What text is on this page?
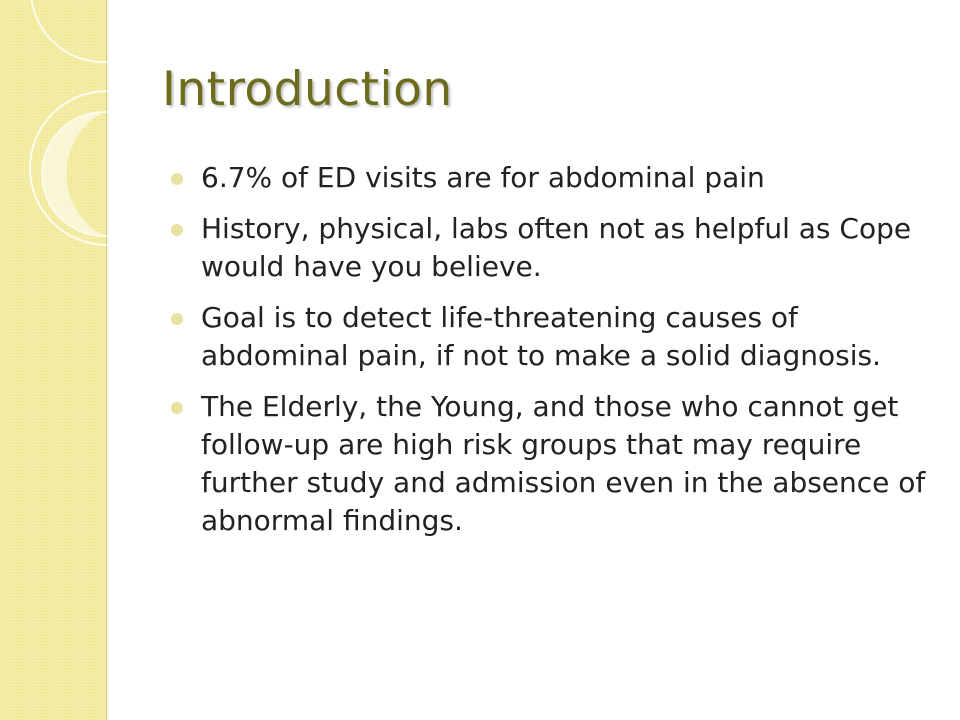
Introduction
6.7% of ED visits are for abdominal pain
History, physical, labs often not as helpful as Cope would have you believe.
Goal is to detect life-threatening causes of abdominal pain, if not to make a solid diagnosis.
The Elderly, the Young, and those who cannot get follow-up are high risk groups that may require further study and admission even in the absence of abnormal findings.
